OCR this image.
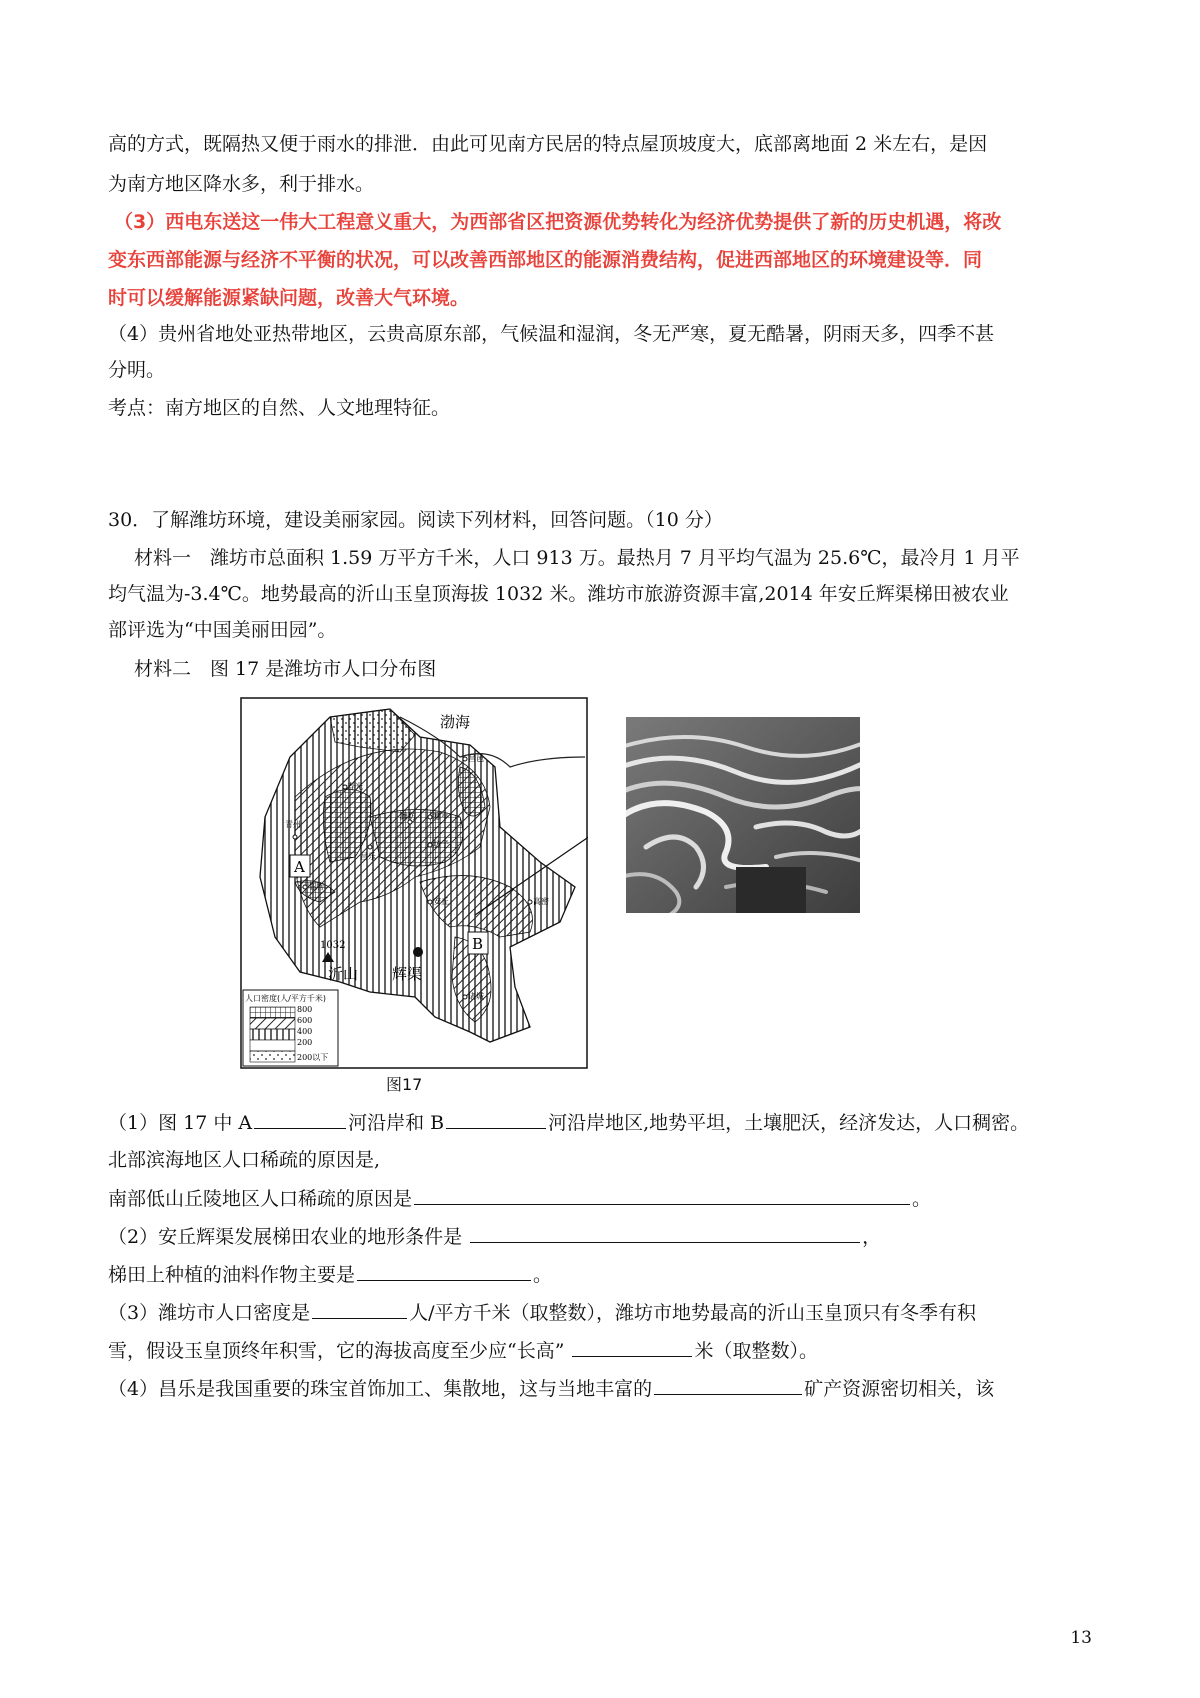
高的方式，既隔热又便于雨水的排泄．由此可见南方民居的特点屋顶坡度大，底部离地面 2 米左右，是因
为南方地区降水多，利于排水。
（3）西电东送这一伟大工程意义重大，为西部省区把资源优势转化为经济优势提供了新的历史机遇，将改
变东西部能源与经济不平衡的状况，可以改善西部地区的能源消费结构，促进西部地区的环境建设等．同
时可以缓解能源紧缺问题，改善大气环境。
（4）贵州省地处亚热带地区，云贵高原东部，气候温和湿润，冬无严寒，夏无酷暑，阴雨天多，四季不甚
分明。
考点：南方地区的自然、人文地理特征。
30．了解潍坊环境，建设美丽家园。阅读下列材料，回答问题。（10 分）
材料一　潍坊市总面积 1.59 万平方千米，人口 913 万。最热月 7 月平均气温为 25.6℃，最冷月 1 月平
均气温为-3.4℃。地势最高的沂山玉皇顶海拔 1032 米。潍坊市旅游资源丰富,2014 年安丘辉渠梯田被农业
部评选为“中国美丽田园”。
材料二　图 17 是潍坊市人口分布图
渤海
A
B
寿光
昌邑
潍坊 寒亭
昌乐
坊子
临朐
安丘	高密
诸城
青州
1032
沂山 辉渠
人口密度(人/平方千米)
800
600
400
200
200以下
图17
（1）图 17 中 A	河沿岸和 B	河沿岸地区,地势平坦，土壤肥沃，经济发达，人口稠密。
北部滨海地区人口稀疏的原因是,
南部低山丘陵地区人口稀疏的原因是	。
（2）安丘辉渠发展梯田农业的地形条件是	，
梯田上种植的油料作物主要是	。
（3）潍坊市人口密度是	人/平方千米（取整数），潍坊市地势最高的沂山玉皇顶只有冬季有积
雪，假设玉皇顶终年积雪，它的海拔高度至少应“长高”	米（取整数）。
（4）昌乐是我国重要的珠宝首饰加工、集散地，这与当地丰富的	矿产资源密切相关，该
13
